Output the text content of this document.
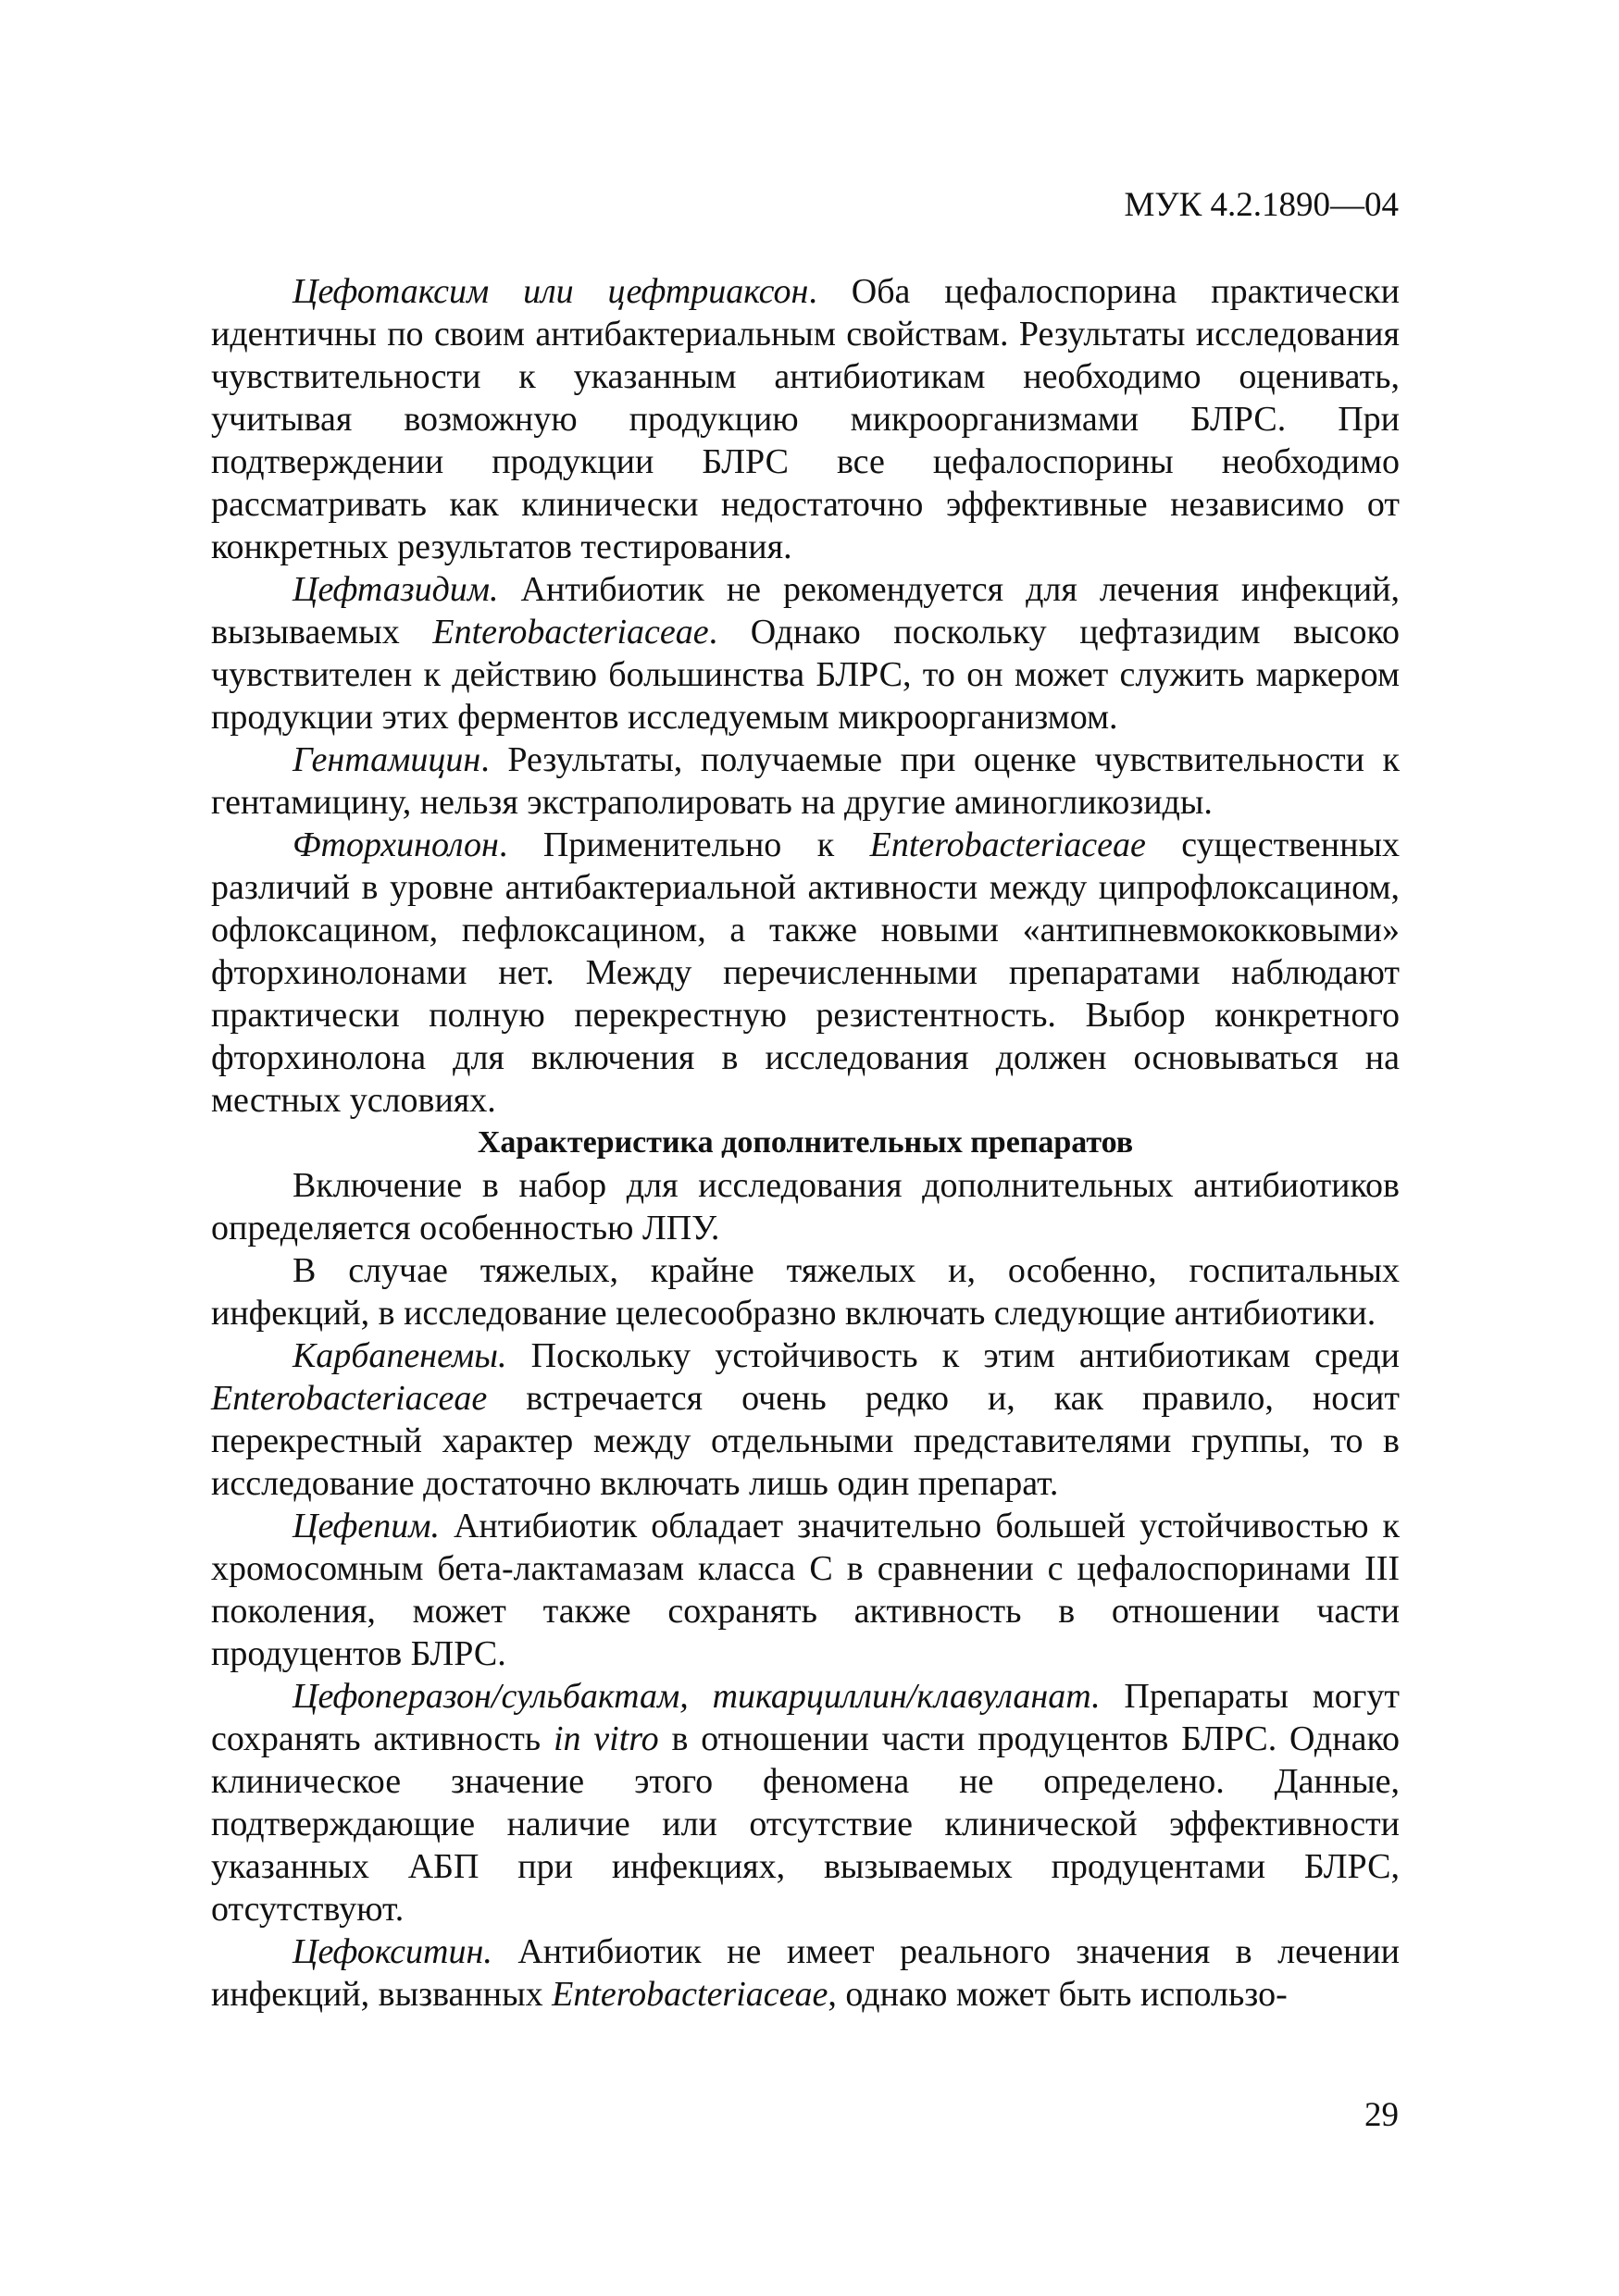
МУК 4.2.1890—04

Цефотаксим или цефтриаксон. Оба цефалоспорина практически идентичны по своим антибактериальным свойствам. Результаты исследования чувствительности к указанным антибиотикам необходимо оценивать, учитывая возможную продукцию микроорганизмами БЛРС. При подтверждении продукции БЛРС все цефалоспорины необходимо рассматривать как клинически недостаточно эффективные независимо от конкретных результатов тестирования.

Цефтазидим. Антибиотик не рекомендуется для лечения инфекций, вызываемых Enterobacteriaceae. Однако поскольку цефтазидим высоко чувствителен к действию большинства БЛРС, то он может служить маркером продукции этих ферментов исследуемым микроорганизмом.

Гентамицин. Результаты, получаемые при оценке чувствительности к гентамицину, нельзя экстраполировать на другие аминогликозиды.

Фторхинолон. Применительно к Enterobacteriaceae существенных различий в уровне антибактериальной активности между ципрофлоксацином, офлоксацином, пефлоксацином, а также новыми «антипневмококковыми» фторхинолонами нет. Между перечисленными препаратами наблюдают практически полную перекрестную резистентность. Выбор конкретного фторхинолона для включения в исследования должен основываться на местных условиях.

Характеристика дополнительных препаратов

Включение в набор для исследования дополнительных антибиотиков определяется особенностью ЛПУ.

В случае тяжелых, крайне тяжелых и, особенно, госпитальных инфекций, в исследование целесообразно включать следующие антибиотики.

Карбапенемы. Поскольку устойчивость к этим антибиотикам среди Enterobacteriaceae встречается очень редко и, как правило, носит перекрестный характер между отдельными представителями группы, то в исследование достаточно включать лишь один препарат.

Цефепим. Антибиотик обладает значительно большей устойчивостью к хромосомным бета-лактамазам класса С в сравнении с цефалоспоринами III поколения, может также сохранять активность в отношении части продуцентов БЛРС.

Цефоперазон/сульбактам, тикарциллин/клавуланат. Препараты могут сохранять активность in vitro в отношении части продуцентов БЛРС. Однако клиническое значение этого феномена не определено. Данные, подтверждающие наличие или отсутствие клинической эффективности указанных АБП при инфекциях, вызываемых продуцентами БЛРС, отсутствуют.

Цефокситин. Антибиотик не имеет реального значения в лечении инфекций, вызванных Enterobacteriaceae, однако может быть использо-

29
